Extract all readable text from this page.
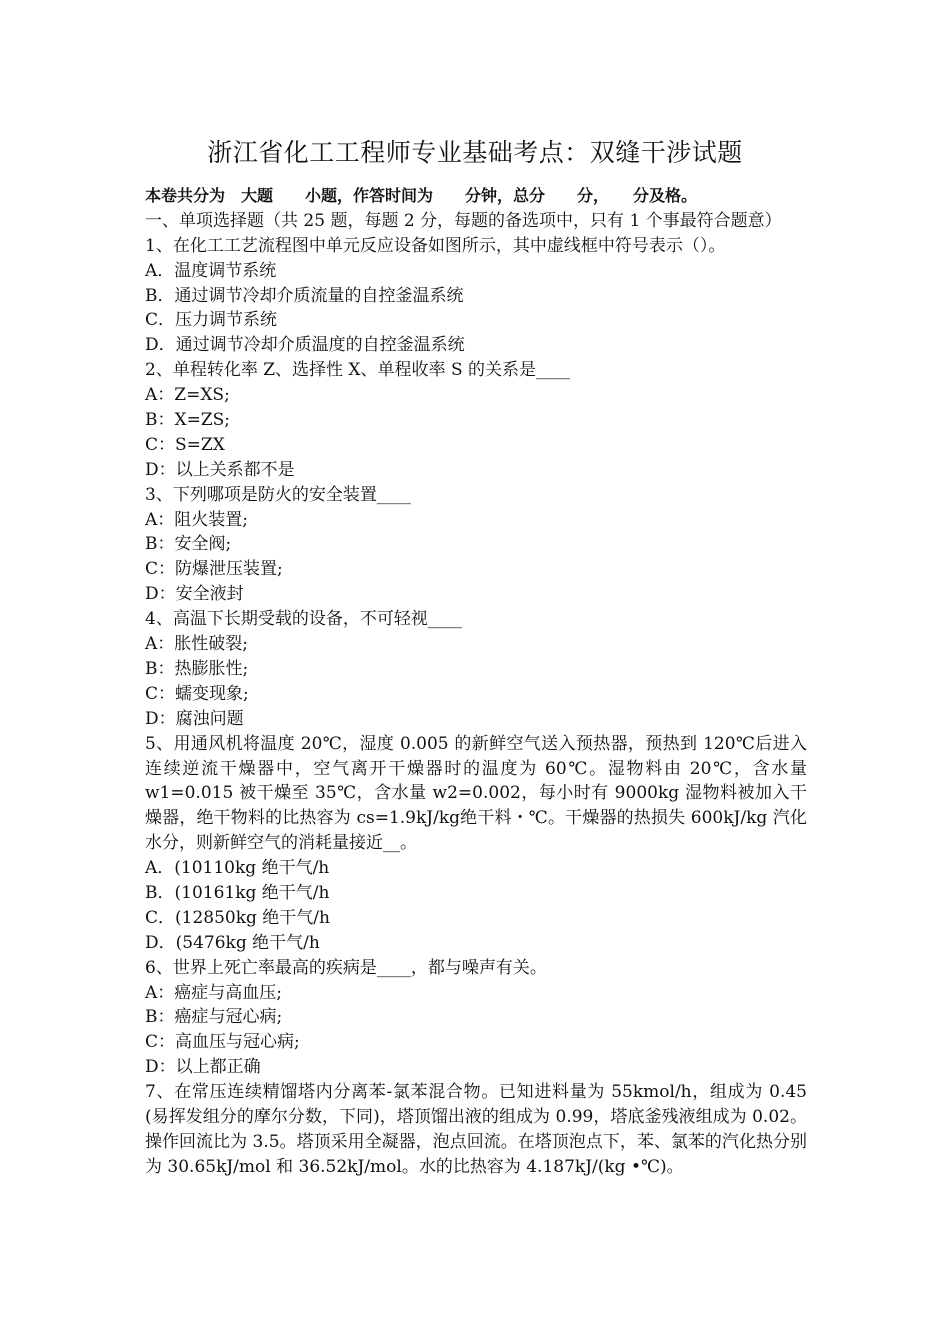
浙江省化工工程师专业基础考点：双缝干涉试题
本卷共分为　大题　　小题，作答时间为　　分钟，总分　　分，　　分及格。
一、单项选择题（共 25 题，每题 2 分，每题的备选项中，只有 1 个事最符合题意）
1、在化工工艺流程图中单元反应设备如图所示，其中虚线框中符号表示（）。
A．温度调节系统
B．通过调节冷却介质流量的自控釜温系统
C．压力调节系统
D．通过调节冷却介质温度的自控釜温系统
2、单程转化率 Z、选择性 X、单程收率 S 的关系是____
A：Z=XS;
B：X=ZS;
C：S=ZX
D：以上关系都不是
3、下列哪项是防火的安全装置____
A：阻火装置;
B：安全阀;
C：防爆泄压装置;
D：安全液封
4、高温下长期受载的设备，不可轻视____
A：胀性破裂;
B：热膨胀性;
C：蠕变现象;
D：腐浊问题
5、用通风机将温度 20℃，湿度 0.005 的新鲜空气送入预热器，预热到 120℃后进入连续逆流干燥器中，空气离开干燥器时的温度为 60℃。湿物料由 20℃，含水量 w1=0.015 被干燥至 35℃，含水量 w2=0.002，每小时有 9000kg 湿物料被加入干燥器，绝干物料的比热容为 cs=1.9kJ/kg绝干料・℃。干燥器的热损失 600kJ/kg 汽化水分，则新鲜空气的消耗量接近__。
A．(10110kg 绝干气/h
B．(10161kg 绝干气/h
C．(12850kg 绝干气/h
D．(5476kg 绝干气/h
6、世界上死亡率最高的疾病是____，都与噪声有关。
A：癌症与高血压;
B：癌症与冠心病;
C：高血压与冠心病;
D：以上都正确
7、在常压连续精馏塔内分离苯-氯苯混合物。已知进料量为 55kmol/h，组成为 0.45 (易挥发组分的摩尔分数，下同)，塔顶馏出液的组成为 0.99，塔底釜残液组成为 0.02。操作回流比为 3.5。塔顶采用全凝器，泡点回流。在塔顶泡点下，苯、氯苯的汽化热分别为 30.65kJ/mol 和 36.52kJ/mol。水的比热容为 4.187kJ/(kg •℃)。
